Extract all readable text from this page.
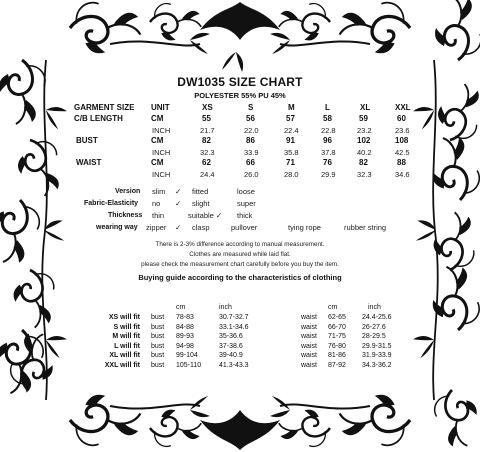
DW1035 SIZE CHART
POLYESTER 55% PU 45%
GARMENT SIZE UNIT	XS	S	M	L	XL	XXL
C/B LENGTH	CM	55	56	57	58	59	60
INCH	21.7	22.0	22.4	22.8	23.2	23.6
BUST	CM	82	86	91	96	102	108
INCH	32.3	33.9	35.8	37.8	40.2	42.5
WAIST	CM	62	66	71	76	82	88
INCH	24.4	26.0	28.0	29.9	32.3	34.6
Version slim ✓ fitted	loose
Fabric-Elasticity no ✓ slight	super
Thickness thin	suitable ✓ thick
wearing way zipper ✓ clasp	pullover	tying rope	rubber string
There is 2-3% difference according to manual measurement.
Clothes are measured while laid flat.
please check the measurement chart carefully before you buy the item.
Buying guide according to the characteristics of clothing
cm	inch	cm	inch
XS will fit bust 78-83	30.7-32.7	waist 62-65 24.4-25.6
S will fit bust 84-88	33.1-34.6	waist 66-70 26-27.6
M will fit bust 89-93	35-36.6	waist 71-75 28-29.5
L will fit bust 94-98	37-38.6	waist 76-80 29.9-31.5
XL will fit bust 99-104	39-40.9	waist 81-86 31.9-33.9
XXL will fit bust 105-110	41.3-43.3	waist 87-92 34.3-36.2
